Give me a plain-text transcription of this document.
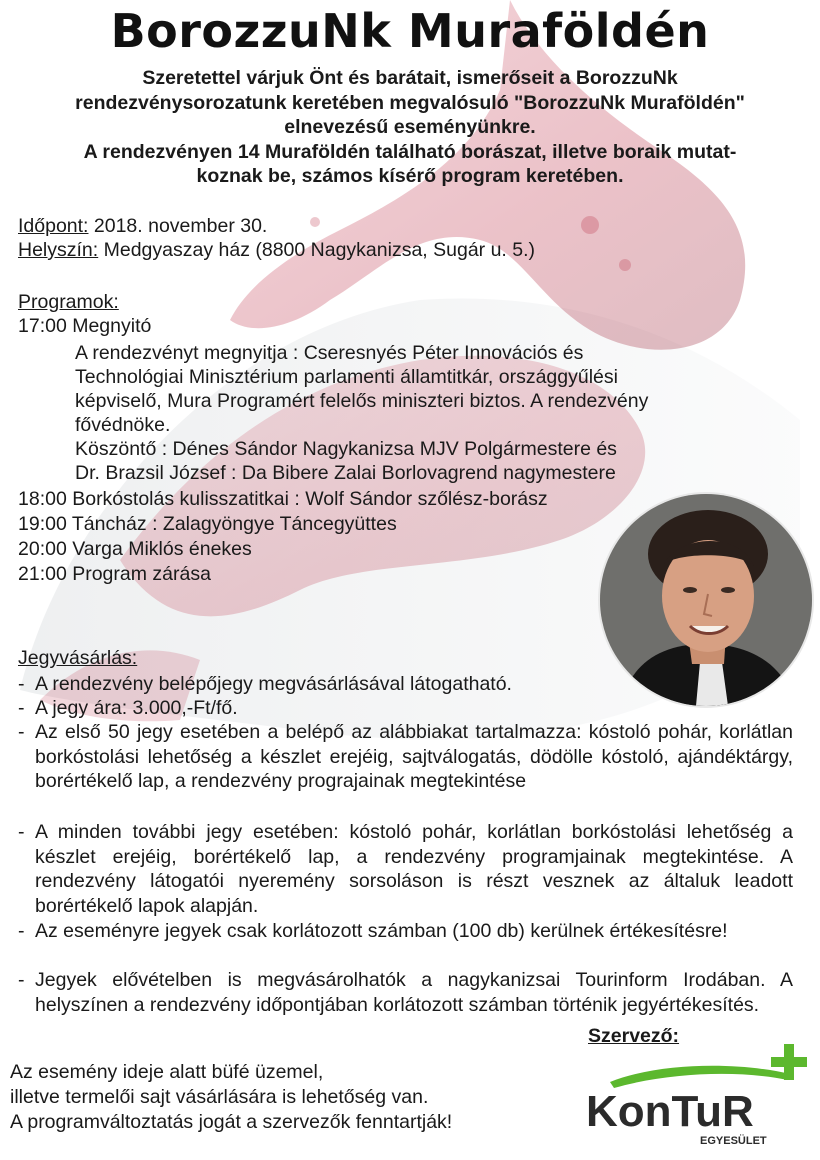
BorozzuNk Muraföldén
Szeretettel várjuk Önt és barátait, ismerőseit a BorozzuNk
rendezvénysorozatunk keretében megvalósuló "BorozzuNk Muraföldén"
elnevezésű eseményünkre.
A rendezvényen 14 Muraföldén található borászat, illetve boraik mutat-
koznak be, számos kísérő program keretében.
Időpont: 2018. november 30.
Helyszín: Medgyaszay ház (8800 Nagykanizsa, Sugár u. 5.)
Programok:
17:00 Megnyitó
A rendezvényt megnyitja : Cseresnyés Péter Innovációs és
Technológiai Minisztérium parlamenti államtitkár, országgyűlési
képviselő, Mura Programért felelős miniszteri biztos. A rendezvény
fővédnöke.
Köszöntő : Dénes Sándor Nagykanizsa MJV Polgármestere és
Dr. Brazsil József : Da Bibere Zalai Borlovagrend nagymestere
18:00 Borkóstolás kulisszatitkai : Wolf Sándor szőlész-borász
19:00 Táncház : Zalagyöngye Táncegyüttes
20:00 Varga Miklós énekes
21:00 Program zárása
Jegyvásárlás:
- A rendezvény belépőjegy megvásárlásával látogatható.
- A jegy ára: 3.000,-Ft/fő.
- Az első 50 jegy esetében a belépő az alábbiakat tartalmazza: kóstoló pohár, korlátlan borkóstolási lehetőség a készlet erejéig, sajtválogatás, dödölle kóstoló, ajándéktárgy, borértékelő lap, a rendezvény prograjainak megtekintése
- A minden további jegy esetében: kóstoló pohár, korlátlan borkóstolási lehetőség a készlet erejéig, borértékelő lap, a rendezvény programjainak megtekintése. A rendezvény látogatói nyeremény sorsoláson is részt vesznek az általuk leadott borértékelő lapok alapján.
- Az eseményre jegyek csak korlátozott számban (100 db) kerülnek értékesítésre!
- Jegyek elővételben is megvásárolhatók a nagykanizsai Tourinform Irodában. A helyszínen a rendezvény időpontjában korlátozott számban történik jegyértékesítés.
Az esemény ideje alatt büfé üzemel,
illetve termelői sajt vásárlására is lehetőség van.
A programváltoztatás jogát a szervezők fenntartják!
Szervező:
KonTuR
EGYESÜLET
